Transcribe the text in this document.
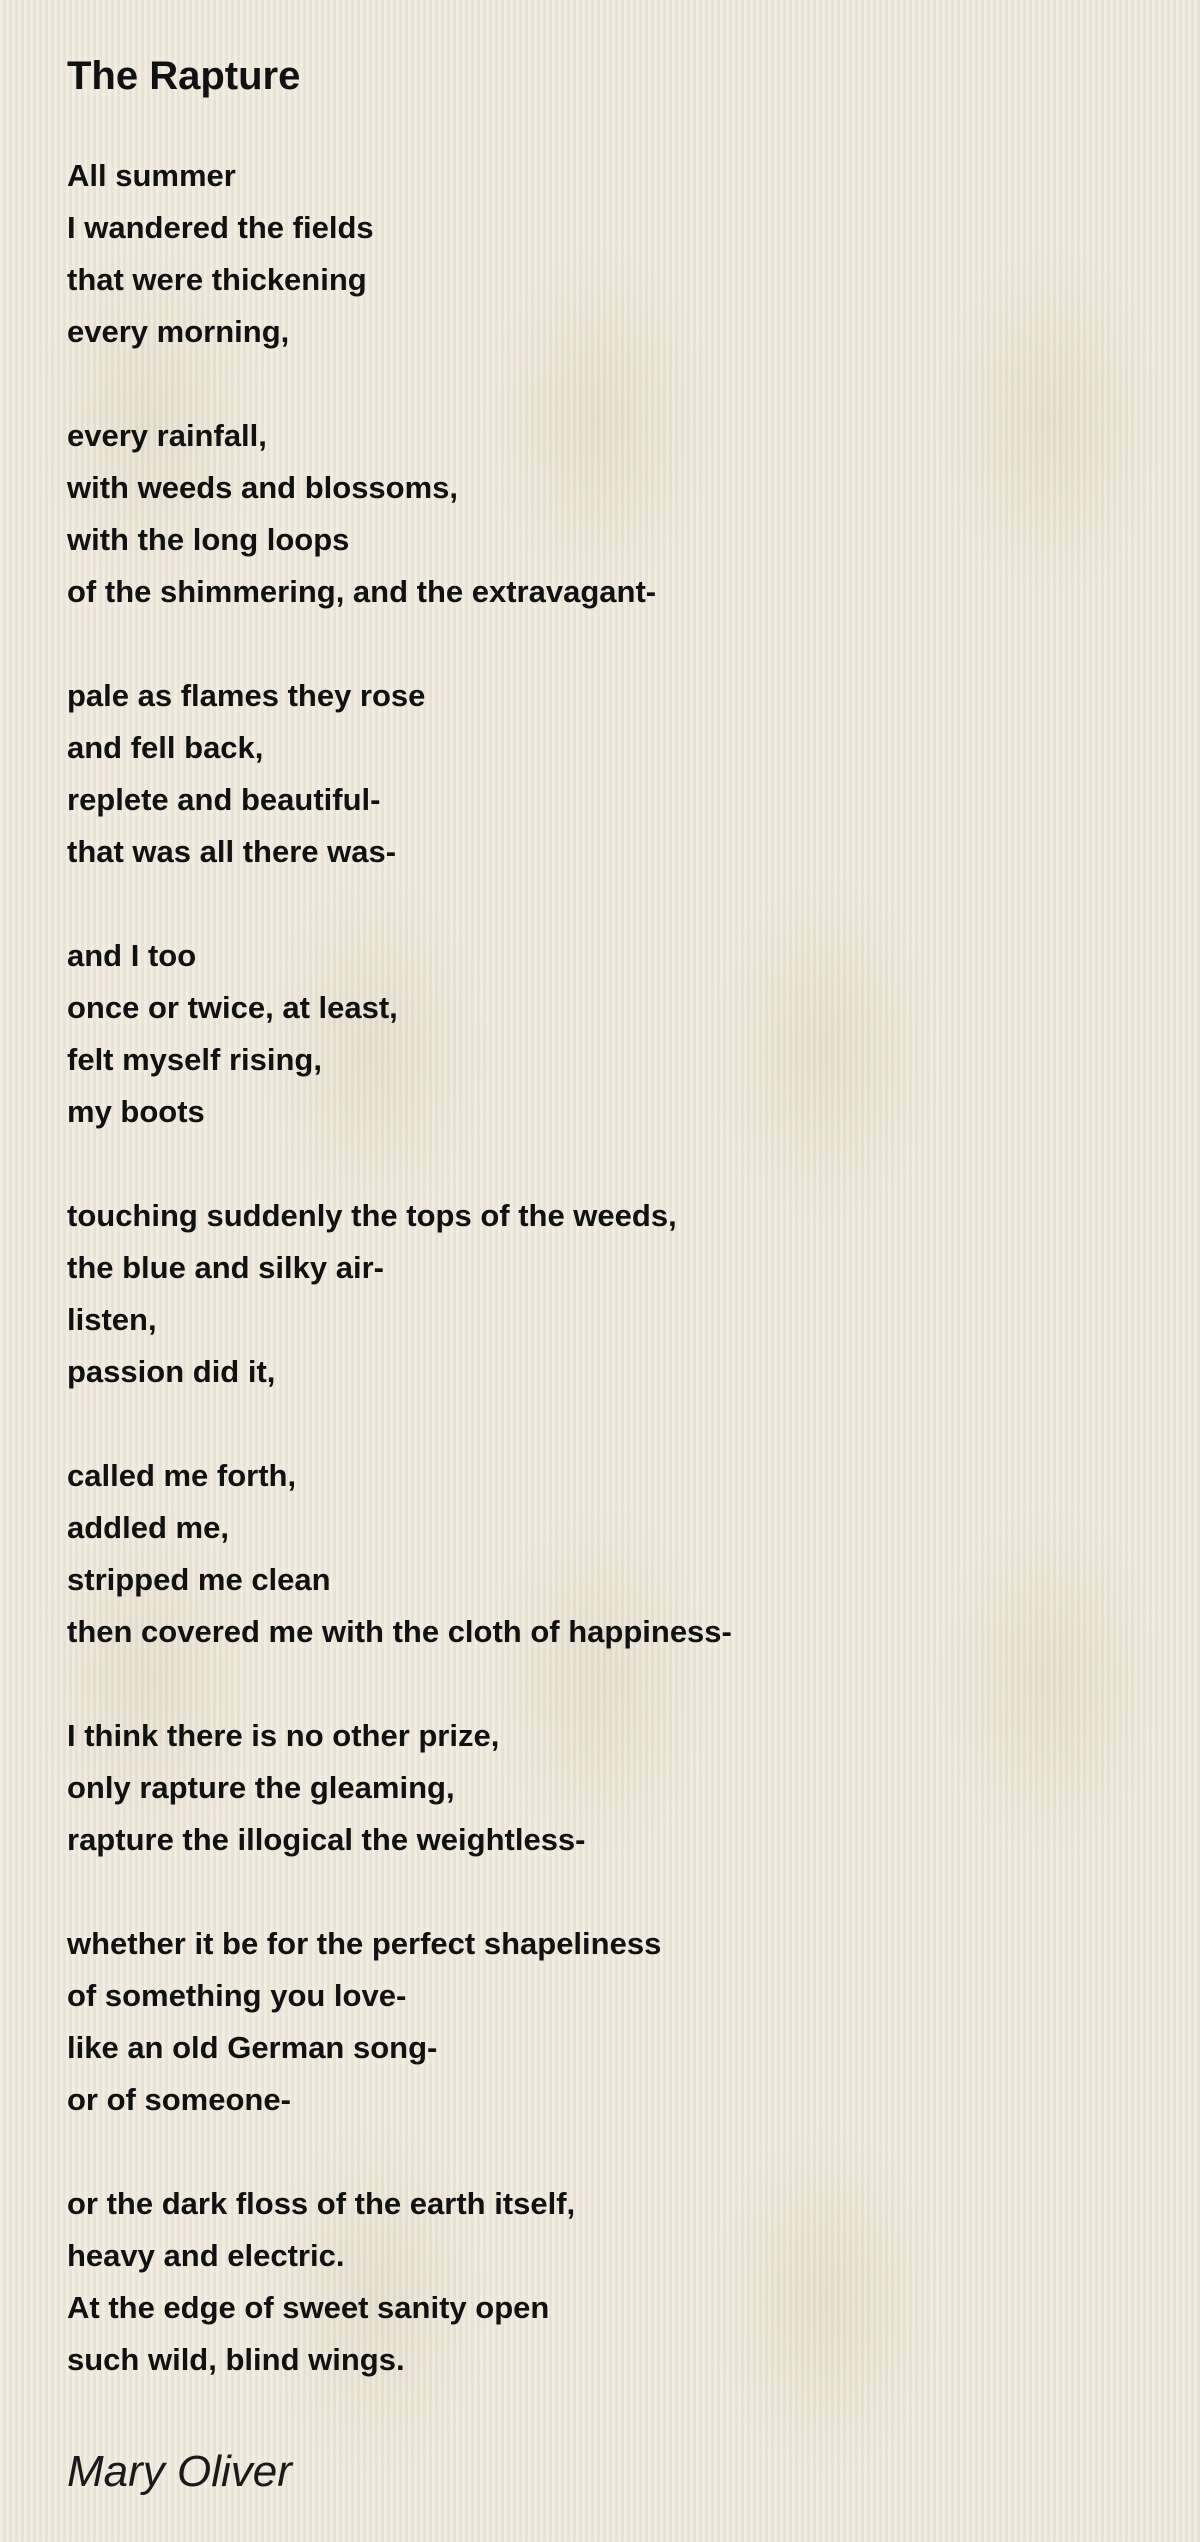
The Rapture
All summer
I wandered the fields
that were thickening
every morning,
every rainfall,
with weeds and blossoms,
with the long loops
of the shimmering, and the extravagant-
pale as flames they rose
and fell back,
replete and beautiful-
that was all there was-
and I too
once or twice, at least,
felt myself rising,
my boots
touching suddenly the tops of the weeds,
the blue and silky air-
listen,
passion did it,
called me forth,
addled me,
stripped me clean
then covered me with the cloth of happiness-
I think there is no other prize,
only rapture the gleaming,
rapture the illogical the weightless-
whether it be for the perfect shapeliness
of something you love-
like an old German song-
or of someone-
or the dark floss of the earth itself,
heavy and electric.
At the edge of sweet sanity open
such wild, blind wings.
Mary Oliver
